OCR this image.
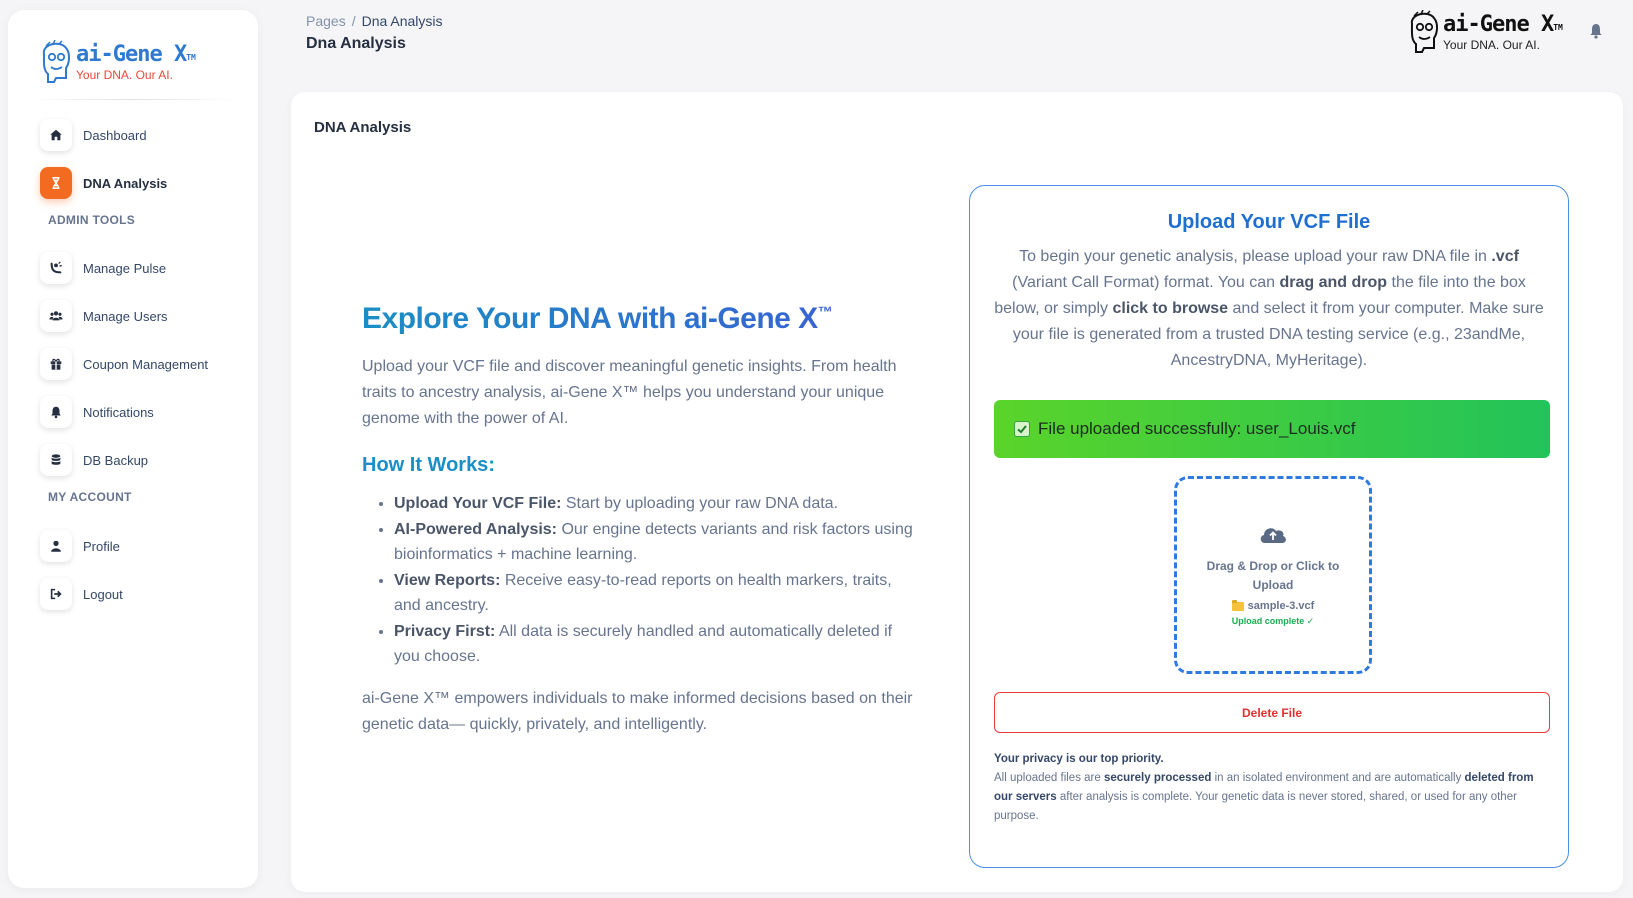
ai-Gene X™
Your DNA. Our AI.
Dashboard
DNA Analysis
ADMIN TOOLS
Manage Pulse
Manage Users
Coupon Management
Notifications
DB Backup
MY ACCOUNT
Profile
Logout
Pages / Dna Analysis
Dna Analysis
ai-Gene X™
Your DNA. Our AI.
DNA Analysis
Explore Your DNA with ai-Gene X™

Upload your VCF file and discover meaningful genetic insights. From health traits to ancestry analysis, ai-Gene X™ helps you understand your unique genome with the power of AI.

How It Works:
• Upload Your VCF File: Start by uploading your raw DNA data.
• AI-Powered Analysis: Our engine detects variants and risk factors using bioinformatics + machine learning.
• View Reports: Receive easy-to-read reports on health markers, traits, and ancestry.
• Privacy First: All data is securely handled and automatically deleted if you choose.

ai-Gene X™ empowers individuals to make informed decisions based on their genetic data— quickly, privately, and intelligently.

Upload Your VCF File

To begin your genetic analysis, please upload your raw DNA file in .vcf (Variant Call Format) format. You can drag and drop the file into the box below, or simply click to browse and select it from your computer. Make sure your file is generated from a trusted DNA testing service (e.g., 23andMe, AncestryDNA, MyHeritage).

File uploaded successfully: user_Louis.vcf
Drag & Drop or Click to Upload
sample-3.vcf
Upload complete ✓
Delete File
Your privacy is our top priority.
All uploaded files are securely processed in an isolated environment and are automatically deleted from our servers after analysis is complete. Your genetic data is never stored, shared, or used for any other purpose.
